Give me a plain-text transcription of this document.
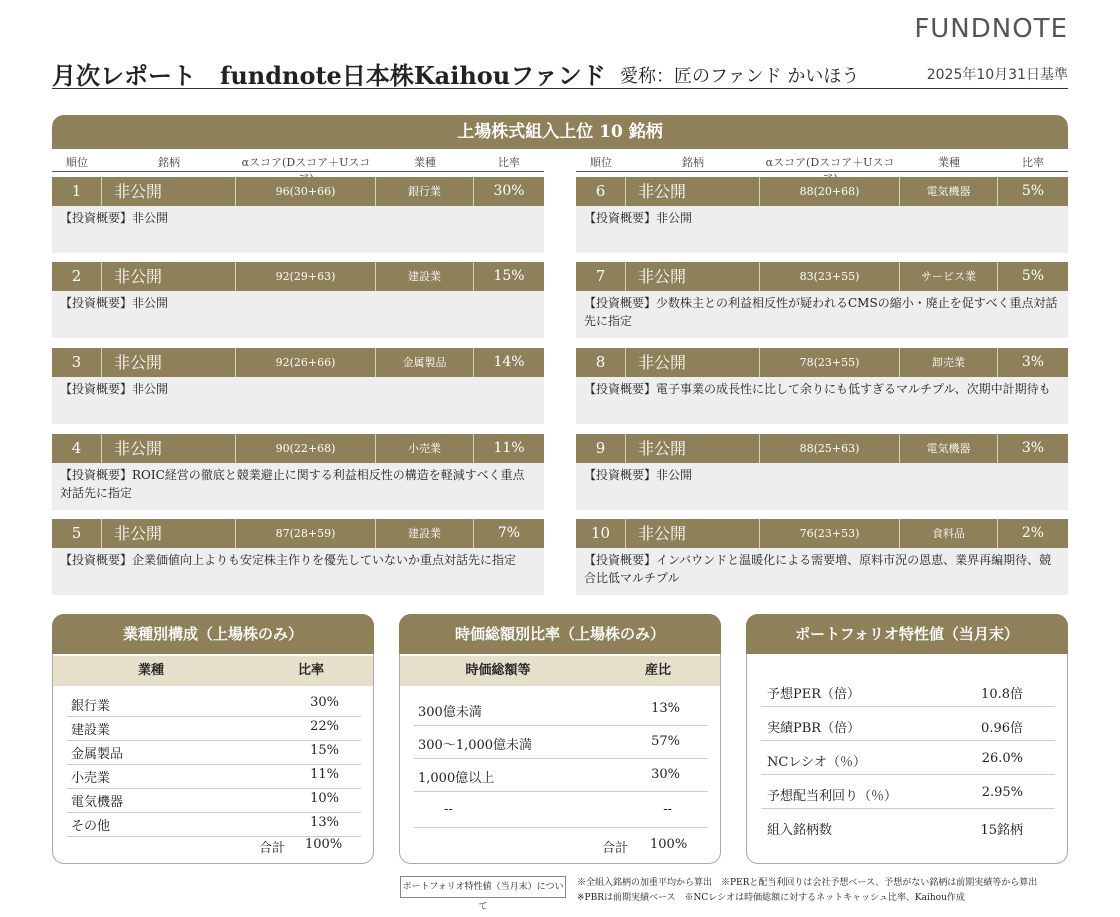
FUNDNOTE
月次レポート　fundnote日本株Kaihouファンド 愛称：匠のファンド かいほう	2025年10月31日基準
上場株式組入上位 10 銘柄
順位	銘柄	αスコア(Dスコア＋Uスコ	業種	比率	順位	銘柄	αスコア(Dスコア＋Uスコ	業種	比率
1	非公開	96(30+66)	銀行業	30%
【投資概要】非公開
2	非公開	92(29+63)	建設業	15%
【投資概要】非公開
3	非公開	92(26+66)	金属製品	14%
【投資概要】非公開
4	非公開	90(22+68)	小売業	11%
【投資概要】ROIC経営の徹底と競業避止に関する利益相反性の構造を軽減すべく重点対話先に指定
5	非公開	87(28+59)	建設業	7%
【投資概要】企業価値向上よりも安定株主作りを優先していないか重点対話先に指定
6	非公開	88(20+68)	電気機器	5%
【投資概要】非公開
7	非公開	83(23+55)	サービス業	5%
【投資概要】少数株主との利益相反性が疑われるCMSの縮小・廃止を促すべく重点対話先に指定
8	非公開	78(23+55)	卸売業	3%
【投資概要】電子事業の成長性に比して余りにも低すぎるマルチプル、次期中計期待も
9	非公開	88(25+63)	電気機器	3%
【投資概要】非公開
10	非公開	76(23+53)	食料品	2%
【投資概要】インバウンドと温暖化による需要増、原料市況の恩恵、業界再編期待、競合比低マルチプル
業種別構成（上場株のみ）
業種	比率
銀行業	30%
建設業	22%
金属製品	15%
小売業	11%
電気機器	10%
その他	13%
合計 100%
時価総額別比率（上場株のみ）
時価総額等	産比
300億未満	13%
300～1,000億未満	57%
1,000億以上	30%
--	--
合計 100%
ポートフォリオ特性値（当月末）
予想PER（倍）	10.8倍
実績PBR（倍）	0.96倍
NCレシオ（％）	26.0%
予想配当利回り（％）	2.95%
組入銘柄数	15銘柄
ポートフォリオ特性値（当月末）について
※全組入銘柄の加重平均から算出　※PERと配当利回りは会社予想ベース、予想がない銘柄は前期実績等から算出
※PBRは前期実績ベース　※NCレシオは時価総額に対するネットキャッシュ比率、Kaihou作成
